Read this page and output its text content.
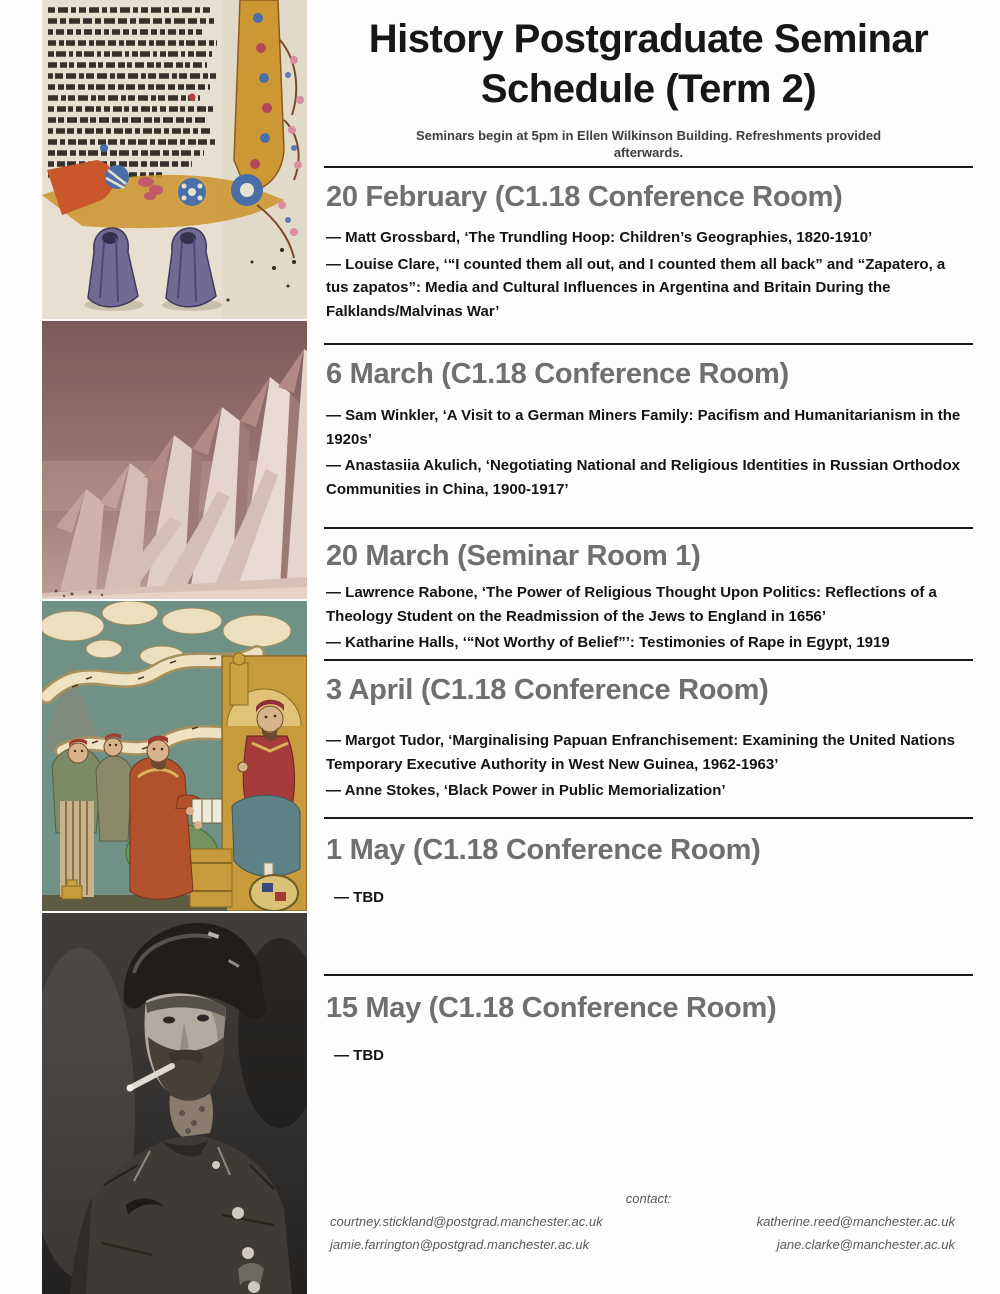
History Postgraduate Seminar
Schedule (Term 2)

Seminars begin at 5pm in Ellen Wilkinson Building. Refreshments provided
afterwards.

20 February (C1.18 Conference Room)

— Matt Grossbard, ‘The Trundling Hoop: Children’s Geographies, 1820-1910’

— Louise Clare, ‘“I counted them all out, and I counted them all back” and “Zapatero, a tus zapatos”: Media and Cultural Influences in Argentina and Britain During the Falklands/Malvinas War’

6 March (C1.18 Conference Room)

— Sam Winkler, ‘A Visit to a German Miners Family: Pacifism and Humanitarianism in the 1920s’

— Anastasiia Akulich, ‘Negotiating National and Religious Identities in Russian Orthodox Communities in China, 1900-1917’

20 March (Seminar Room 1)

— Lawrence Rabone, ‘The Power of Religious Thought Upon Politics: Reflections of a Theology Student on the Readmission of the Jews to England in 1656’

— Katharine Halls, ‘“Not Worthy of Belief”’: Testimonies of Rape in Egypt, 1919

3 April (C1.18 Conference Room)

— Margot Tudor, ‘Marginalising Papuan Enfranchisement: Examining the United Nations Temporary Executive Authority in West New Guinea, 1962-1963’

— Anne Stokes, ‘Black Power in Public Memorialization’

1 May (C1.18 Conference Room)

— TBD

15 May (C1.18 Conference Room)

— TBD

contact:
courtney.stickland@postgrad.manchester.ac.uk
jamie.farrington@postgrad.manchester.ac.uk
katherine.reed@manchester.ac.uk
jane.clarke@manchester.ac.uk
